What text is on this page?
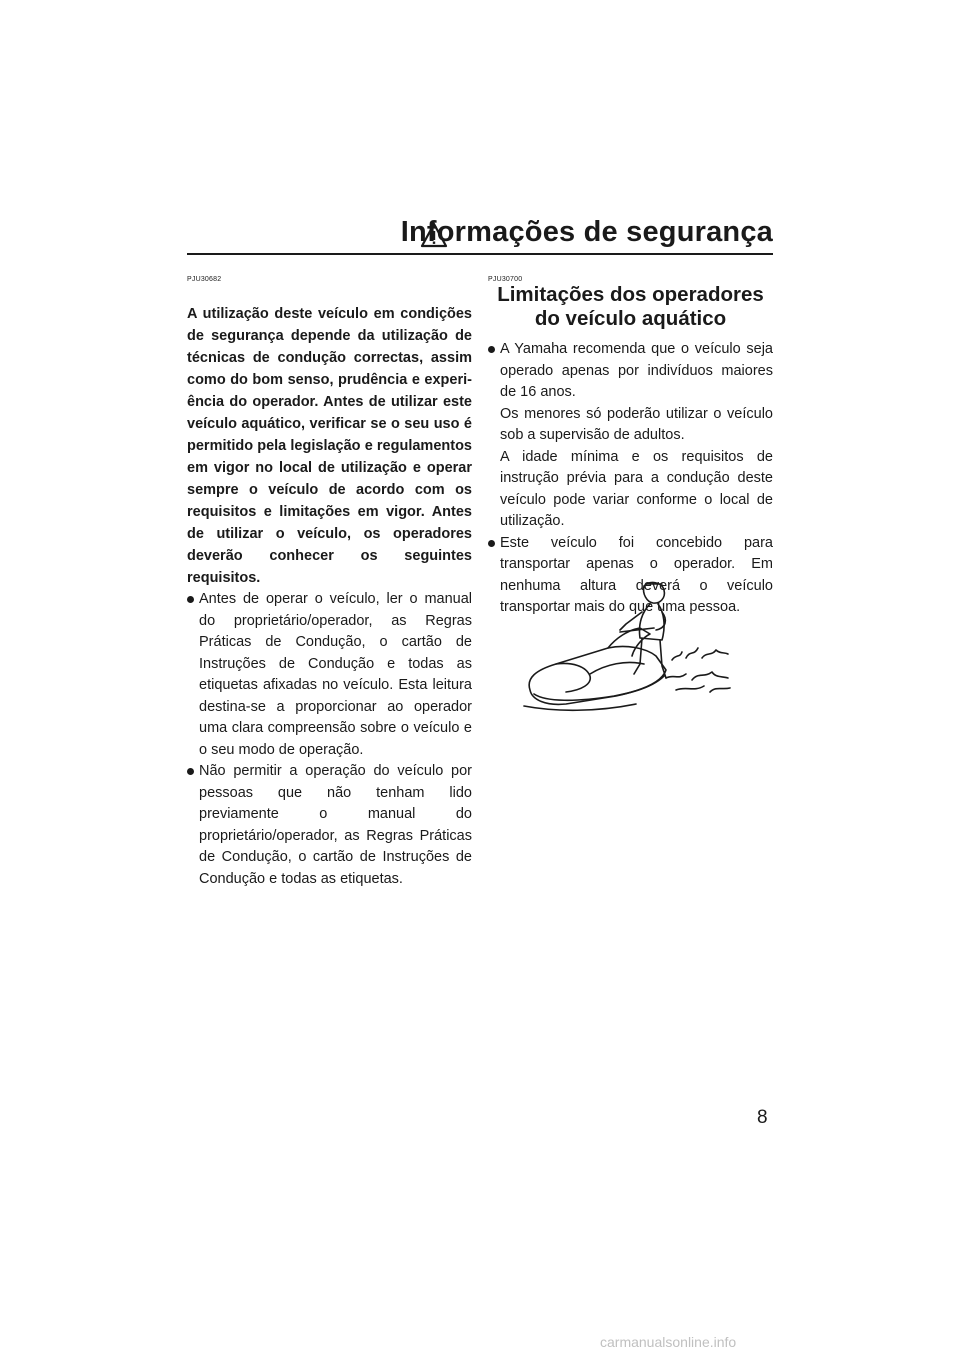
Informações de segurança
8
PJU30682

A utilização deste veículo em condições de segurança depende da utilização de técnicas de condução correctas, assim como do bom senso, prudência e experiência do operador. Antes de utilizar este veículo aquático, verificar se o seu uso é permitido pela legislação e regulamentos em vigor no local de utilização e operar sempre o veículo de acordo com os requisitos e limitações em vigor. Antes de utilizar o veículo, os operadores deverão conhecer os seguintes requisitos.

Antes de operar o veículo, ler o manual do proprietário/operador, as Regras Práticas de Condução, o cartão de Instruções de Condução e todas as etiquetas afixadas no veículo. Esta leitura destina-se a proporcionar ao operador uma clara compreensão sobre o veículo e o seu modo de operação.

Não permitir a operação do veículo por pessoas que não tenham lido previamente o manual do proprietário/operador, as Regras Práticas de Condução, o cartão de Instruções de Condução e todas as etiquetas.

PJU30700
Limitações dos operadores do veículo aquático

A Yamaha recomenda que o veículo seja operado apenas por indivíduos maiores de 16 anos.

Os menores só poderão utilizar o veículo sob a supervisão de adultos.

A idade mínima e os requisitos de instrução prévia para a condução deste veículo pode variar conforme o local de utilização.

Este veículo foi concebido para transportar apenas o operador. Em nenhuma altura deverá o veículo transportar mais do que uma pessoa.

carmanualsonline.info
